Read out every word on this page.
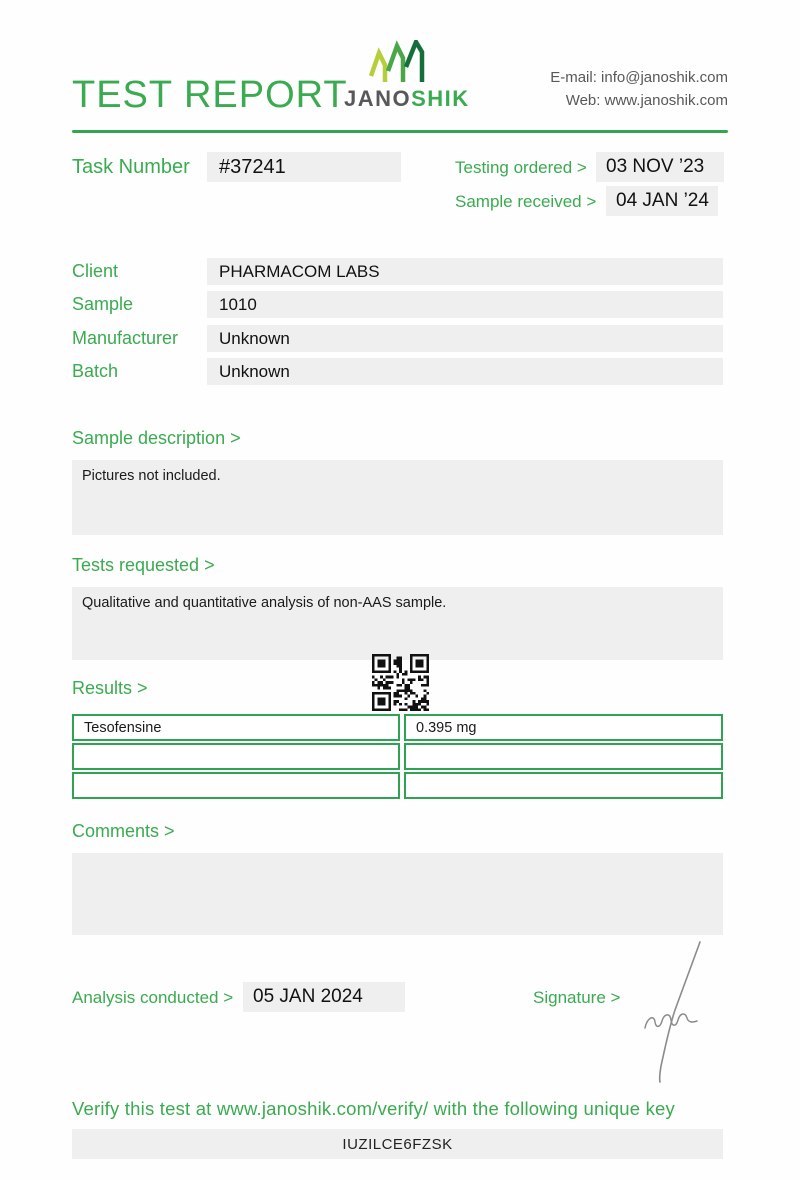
TEST REPORT
JANOSHIK
E-mail: info@janoshik.com
Web: www.janoshik.com
Task Number	#37241	Testing ordered >	03 NOV ’23
Sample received >	04 JAN ’24
Client	PHARMACOM LABS
Sample	1010
Manufacturer	Unknown
Batch	Unknown
Sample description >
Pictures not included.
Tests requested >
Qualitative and quantitative analysis of non-AAS sample.
Results >
Tesofensine	0.395 mg
Comments >
Analysis conducted >	05 JAN 2024	Signature >
Verify this test at www.janoshik.com/verify/ with the following unique key
IUZILCE6FZSK
